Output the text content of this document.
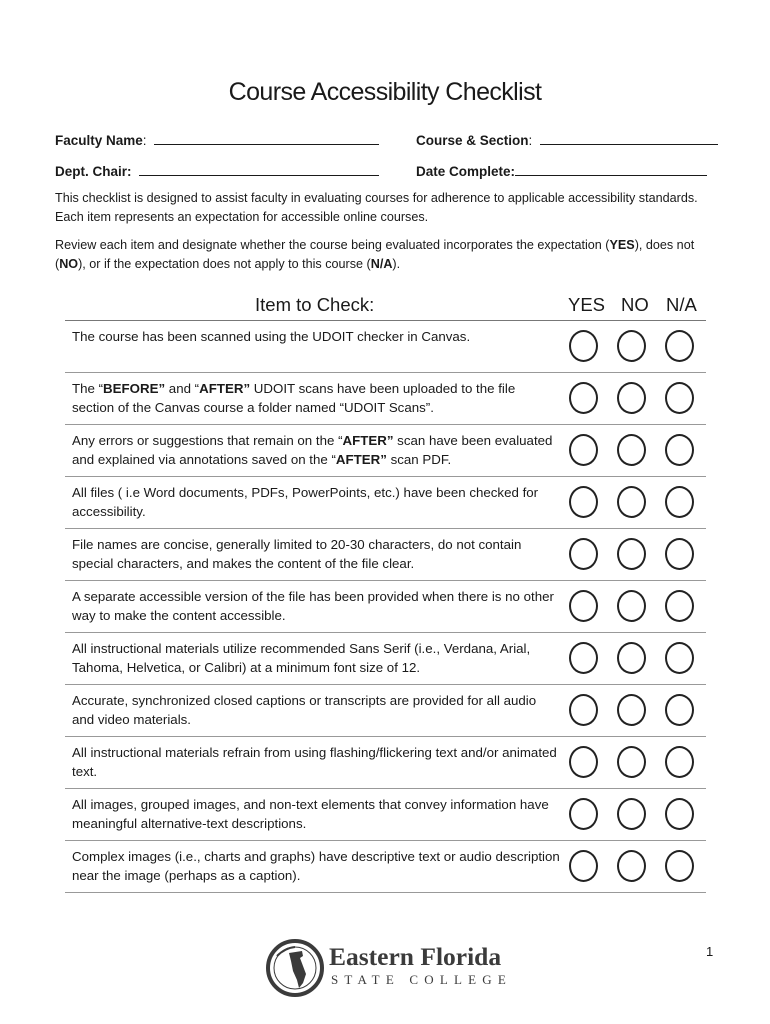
Course Accessibility Checklist
Faculty Name:	Course & Section:
Dept. Chair:	Date Complete:
This checklist is designed to assist faculty in evaluating courses for adherence to applicable accessibility standards. Each item represents an expectation for accessible online courses.
Review each item and designate whether the course being evaluated incorporates the expectation (YES), does not (NO), or if the expectation does not apply to this course (N/A).
Item to Check:	YES NO N/A
The course has been scanned using the UDOIT checker in Canvas.
The “BEFORE” and “AFTER” UDOIT scans have been uploaded to the file section of the Canvas course a folder named “UDOIT Scans”.
Any errors or suggestions that remain on the “AFTER” scan have been evaluated and explained via annotations saved on the “AFTER” scan PDF.
All files ( i.e Word documents, PDFs, PowerPoints, etc.) have been checked for accessibility.
File names are concise, generally limited to 20-30 characters, do not contain special characters, and makes the content of the file clear.
A separate accessible version of the file has been provided when there is no other way to make the content accessible.
All instructional materials utilize recommended Sans Serif (i.e., Verdana, Arial, Tahoma, Helvetica, or Calibri) at a minimum font size of 12.
Accurate, synchronized closed captions or transcripts are provided for all audio and video materials.
All instructional materials refrain from using flashing/flickering text and/or animated text.
All images, grouped images, and non-text elements that convey information have meaningful alternative-text descriptions.
Complex images (i.e., charts and graphs) have descriptive text or audio description near the image (perhaps as a caption).
Eastern Florida
STATE COLLEGE
1
